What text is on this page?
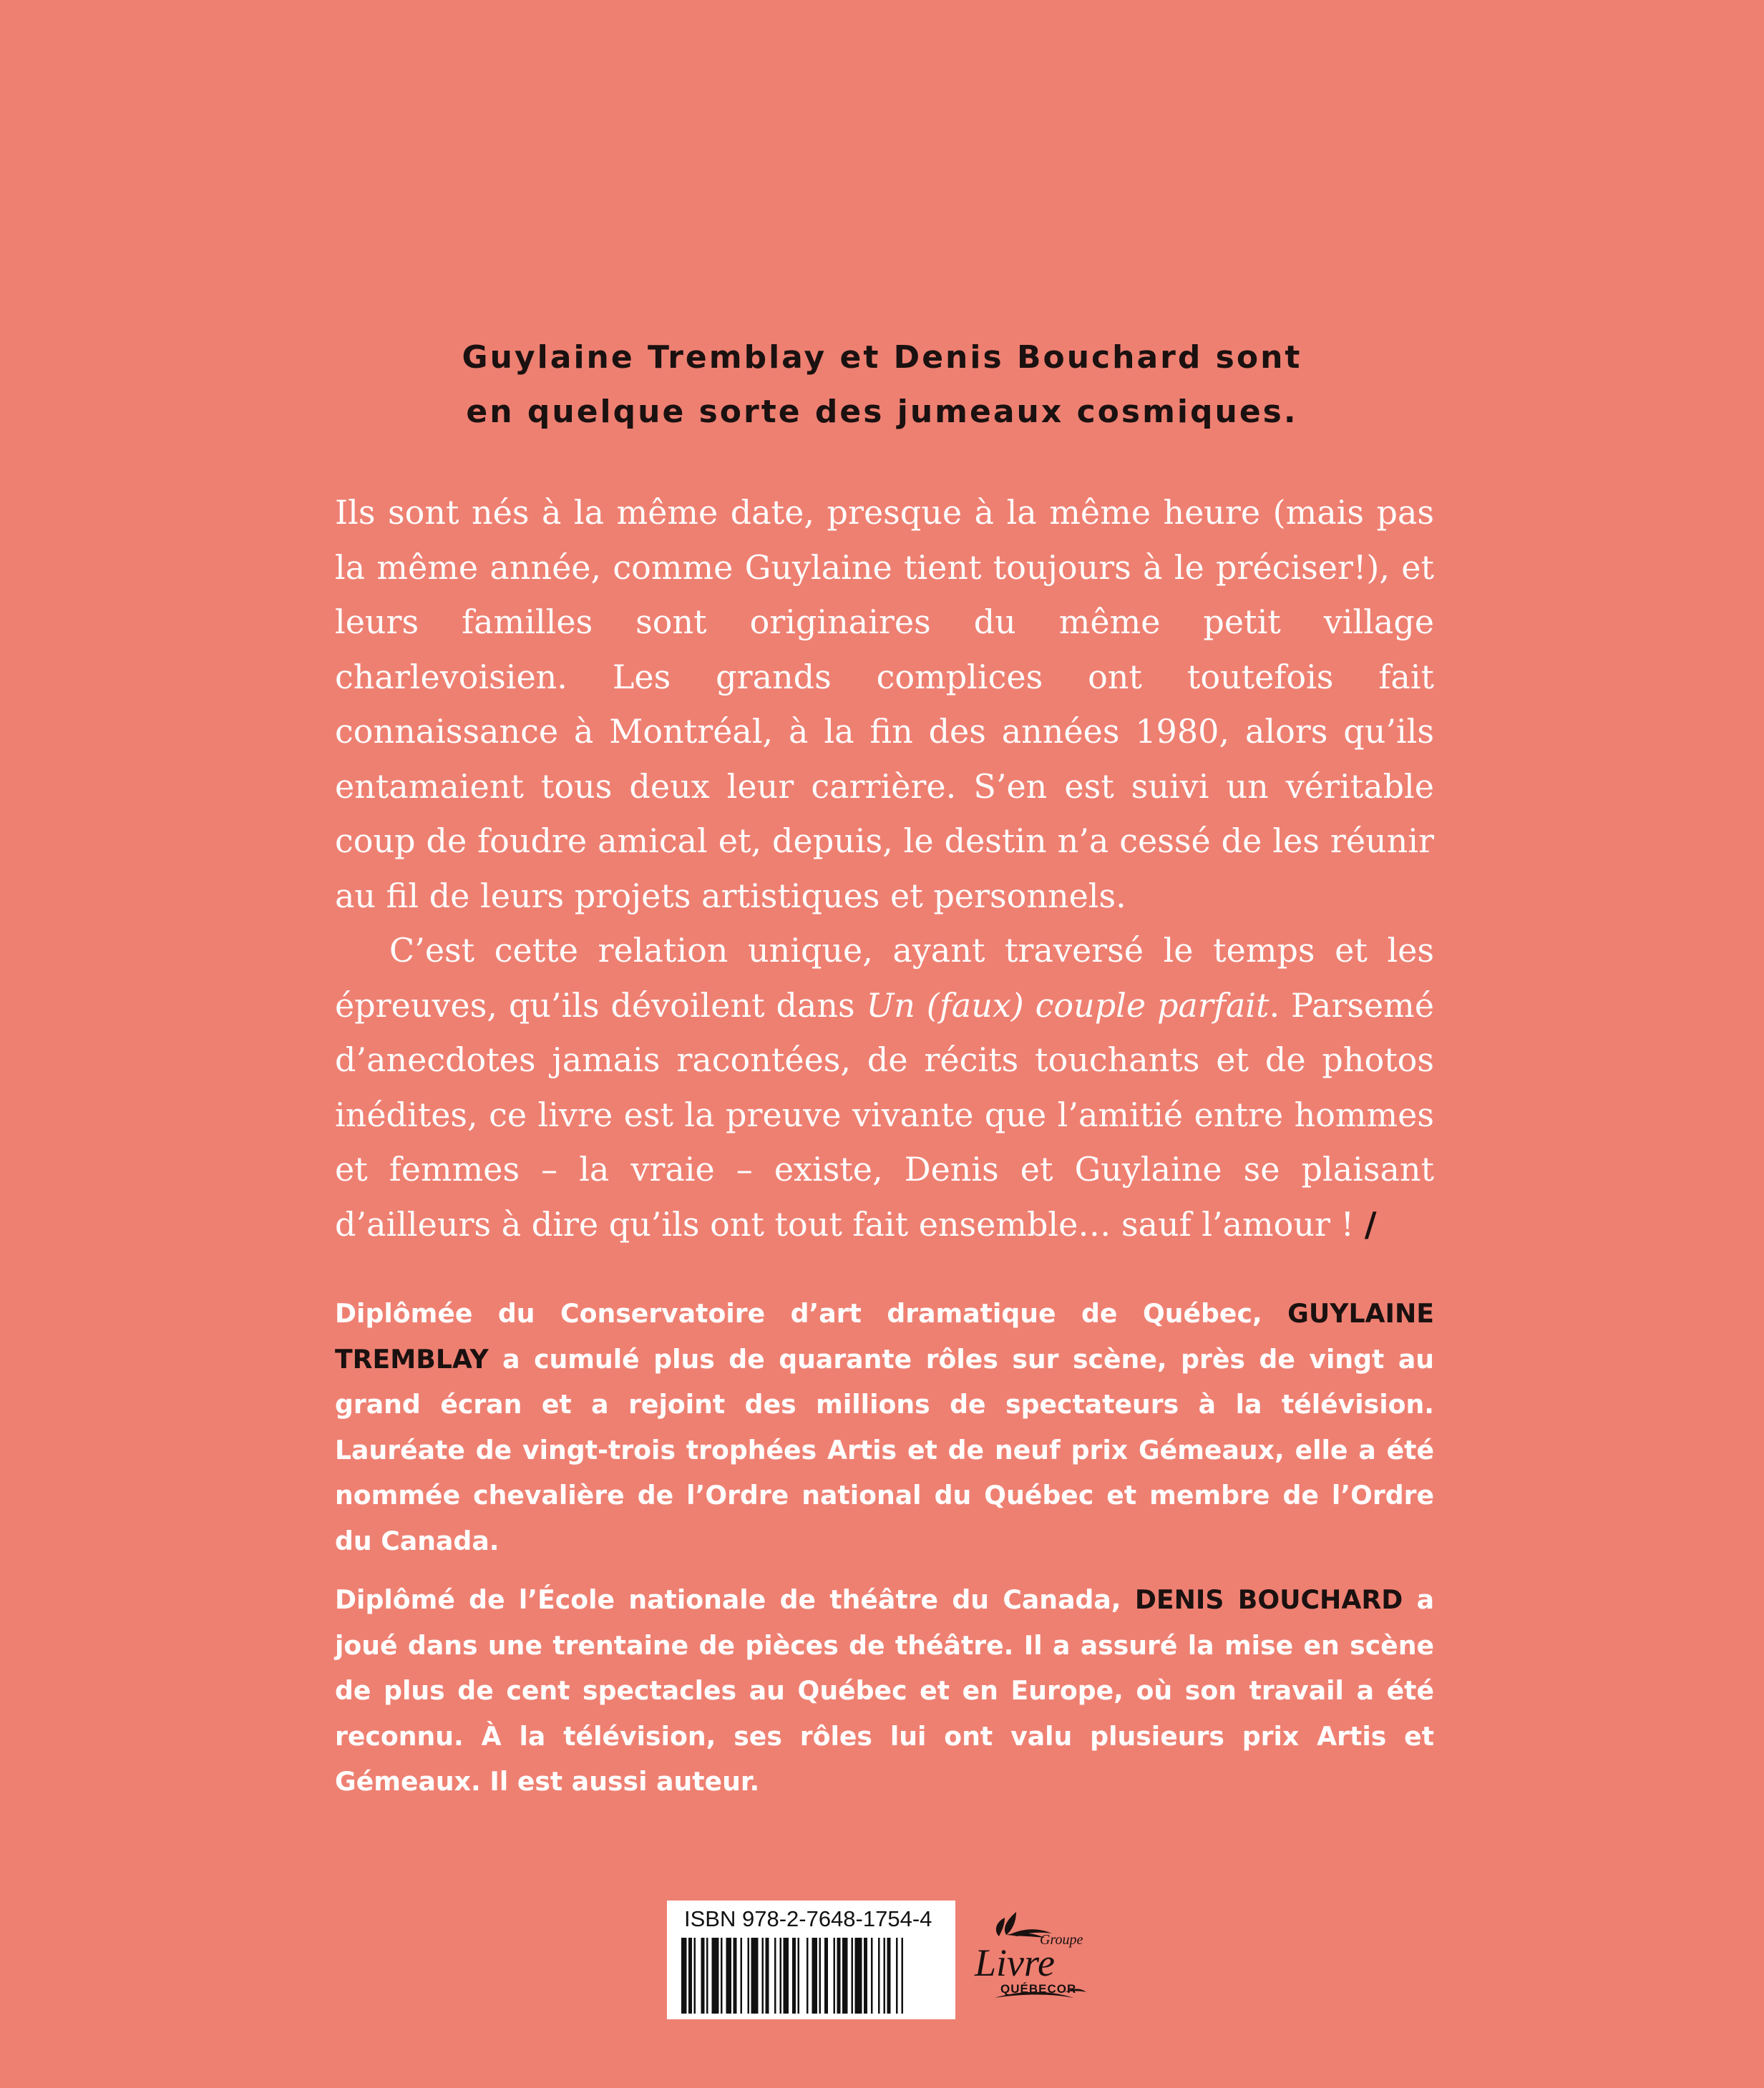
Guylaine Tremblay et Denis Bouchard sont
en quelque sorte des jumeaux cosmiques.

Ils sont nés à la même date, presque à la même heure (mais pas la même année, comme Guylaine tient toujours à le préciser!), et leurs familles sont originaires du même petit village charlevoisien. Les grands complices ont toutefois fait connaissance à Montréal, à la fin des années 1980, alors qu’ils entamaient tous deux leur carrière. S’en est suivi un véritable coup de foudre amical et, depuis, le destin n’a cessé de les réunir au fil de leurs projets artistiques et personnels.

C’est cette relation unique, ayant traversé le temps et les épreuves, qu’ils dévoilent dans Un (faux) couple parfait. Parsemé d’anecdotes jamais racontées, de récits touchants et de photos inédites, ce livre est la preuve vivante que l’amitié entre hommes et femmes – la vraie – existe, Denis et Guylaine se plaisant d’ailleurs à dire qu’ils ont tout fait ensemble… sauf l’amour ! /

Diplômée du Conservatoire d’art dramatique de Québec, GUYLAINE TREMBLAY a cumulé plus de quarante rôles sur scène, près de vingt au grand écran et a rejoint des millions de spectateurs à la télévision. Lauréate de vingt-trois trophées Artis et de neuf prix Gémeaux, elle a été nommée chevalière de l’Ordre national du Québec et membre de l’Ordre du Canada.

Diplômé de l’École nationale de théâtre du Canada, DENIS BOUCHARD a joué dans une trentaine de pièces de théâtre. Il a assuré la mise en scène de plus de cent spectacles au Québec et en Europe, où son travail a été reconnu. À la télévision, ses rôles lui ont valu plusieurs prix Artis et Gémeaux. Il est aussi auteur.

ISBN 978-2-7648-1754-4
Groupe
Livre
QUÉBECOR
